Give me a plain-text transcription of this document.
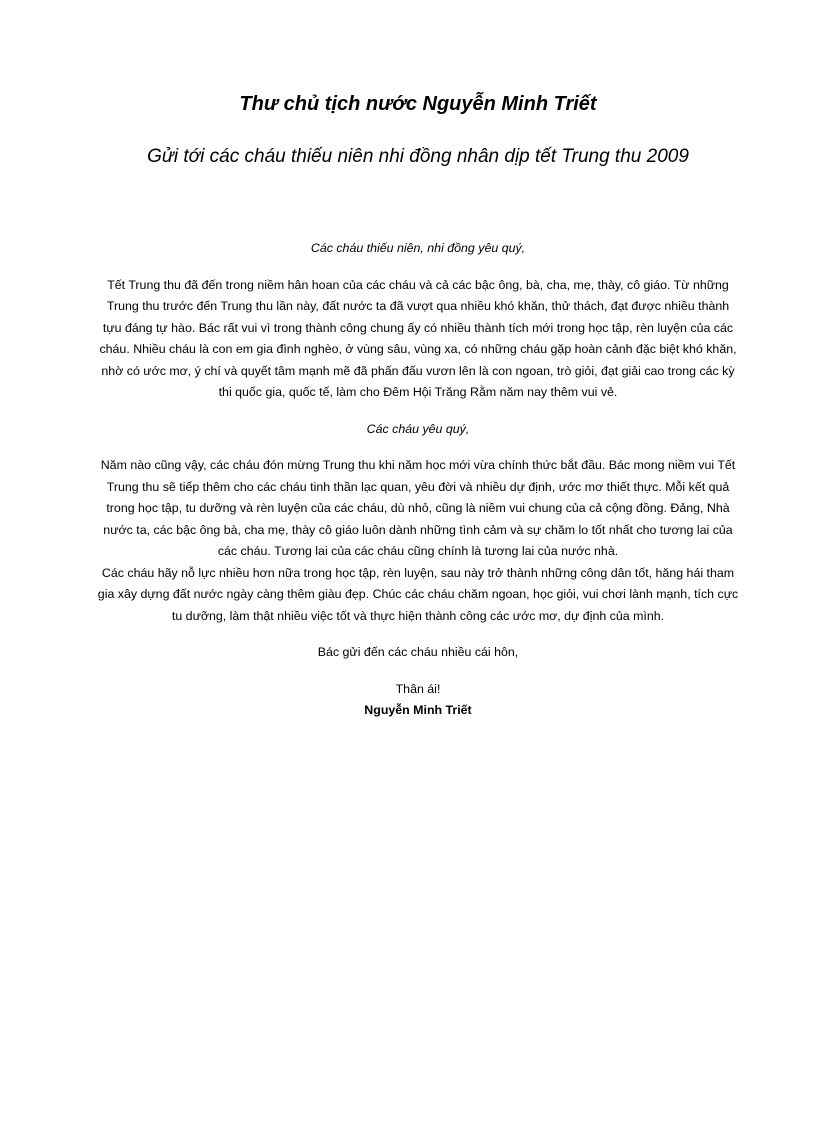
Thư chủ tịch nước Nguyễn Minh Triết
Gửi tới các cháu thiếu niên nhi đồng nhân dịp tết Trung thu 2009

Các cháu thiếu niên, nhi đồng yêu quý,

Tết Trung thu đã đến trong niềm hân hoan của các cháu và cả các bậc ông, bà, cha, mẹ, thày, cô giáo. Từ những Trung thu trước đến Trung thu lần này, đất nước ta đã vượt qua nhiều khó khăn, thử thách, đạt được nhiều thành tựu đáng tự hào. Bác rất vui vì trong thành công chung ấy có nhiều thành tích mới trong học tập, rèn luyện của các cháu. Nhiều cháu là con em gia đình nghèo, ở vùng sâu, vùng xa, có những cháu gặp hoàn cảnh đặc biệt khó khăn, nhờ có ước mơ, ý chí và quyết tâm mạnh mẽ đã phấn đấu vươn lên là con ngoan, trò giỏi, đạt giải cao trong các kỳ thi quốc gia, quốc tế, làm cho Đêm Hội Trăng Rằm năm nay thêm vui vẻ.

Các cháu yêu quý,

Năm nào cũng vậy, các cháu đón mừng Trung thu khi năm học mới vừa chính thức bắt đầu. Bác mong niềm vui Tết Trung thu sẽ tiếp thêm cho các cháu tinh thần lạc quan, yêu đời và nhiều dự định, ước mơ thiết thực. Mỗi kết quả trong học tập, tu dưỡng và rèn luyện của các cháu, dù nhỏ, cũng là niềm vui chung của cả cộng đồng. Đảng, Nhà nước ta, các bậc ông bà, cha mẹ, thày cô giáo luôn dành những tình cảm và sự chăm lo tốt nhất cho tương lai của các cháu. Tương lai của các cháu cũng chính là tương lai của nước nhà.

Các cháu hãy nỗ lực nhiều hơn nữa trong học tập, rèn luyện, sau này trở thành những công dân tốt, hăng hái tham gia xây dựng đất nước ngày càng thêm giàu đẹp. Chúc các cháu chăm ngoan, học giỏi, vui chơi lành mạnh, tích cực tu dưỡng, làm thật nhiều việc tốt và thực hiện thành công các ước mơ, dự định của mình.

Bác gửi đến các cháu nhiều cái hôn,

Thân ái!

Nguyễn Minh Triết
